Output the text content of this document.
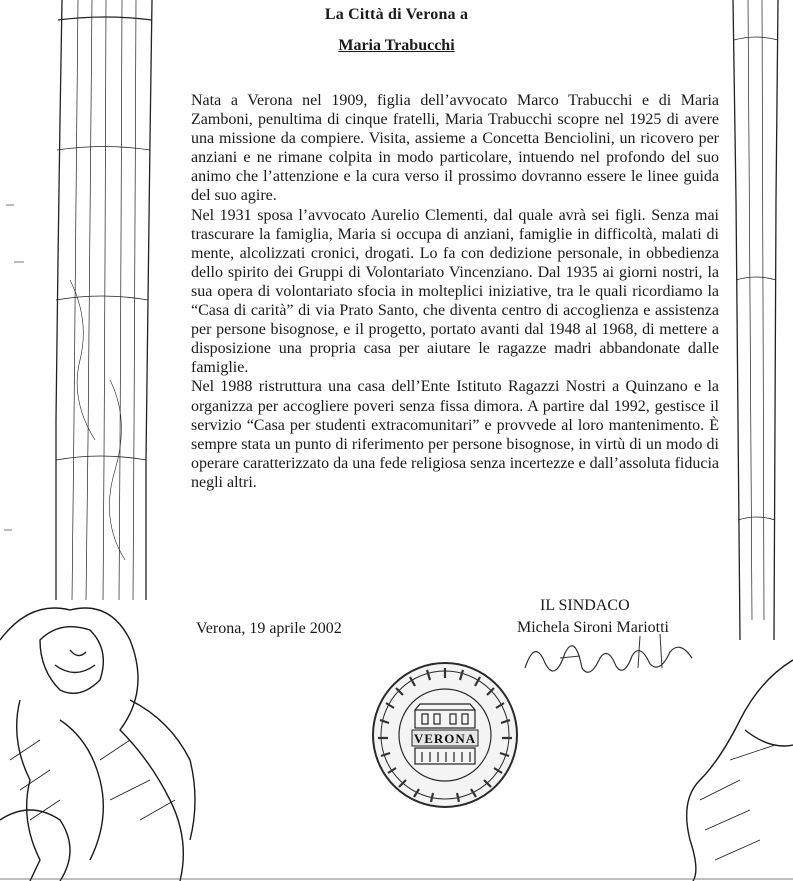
La Città di Verona a
Maria Trabucchi

Nata a Verona nel 1909, figlia dell’avvocato Marco Trabucchi e di Maria Zamboni, penultima di cinque fratelli, Maria Trabucchi scopre nel 1925 di avere una missione da compiere. Visita, assieme a Concetta Benciolini, un ricovero per anziani e ne rimane colpita in modo particolare, intuendo nel profondo del suo animo che l’attenzione e la cura verso il prossimo dovranno essere le linee guida del suo agire.

Nel 1931 sposa l’avvocato Aurelio Clementi, dal quale avrà sei figli. Senza mai trascurare la famiglia, Maria si occupa di anziani, famiglie in difficoltà, malati di mente, alcolizzati cronici, drogati. Lo fa con dedizione personale, in obbedienza dello spirito dei Gruppi di Volontariato Vincenziano. Dal 1935 ai giorni nostri, la sua opera di volontariato sfocia in molteplici iniziative, tra le quali ricordiamo la “Casa di carità” di via Prato Santo, che diventa centro di accoglienza e assistenza per persone bisognose, e il progetto, portato avanti dal 1948 al 1968, di mettere a disposizione una propria casa per aiutare le ragazze madri abbandonate dalle famiglie.

Nel 1988 ristruttura una casa dell’Ente Istituto Ragazzi Nostri a Quinzano e la organizza per accogliere poveri senza fissa dimora. A partire dal 1992, gestisce il servizio “Casa per studenti extracomunitari” e provvede al loro mantenimento. È sempre stata un punto di riferimento per persone bisognose, in virtù di un modo di operare caratterizzato da una fede religiosa senza incertezze e dall’assoluta fiducia negli altri.

Verona, 19 aprile 2002
IL SINDACO
Michela Sironi Mariotti
VERONA
